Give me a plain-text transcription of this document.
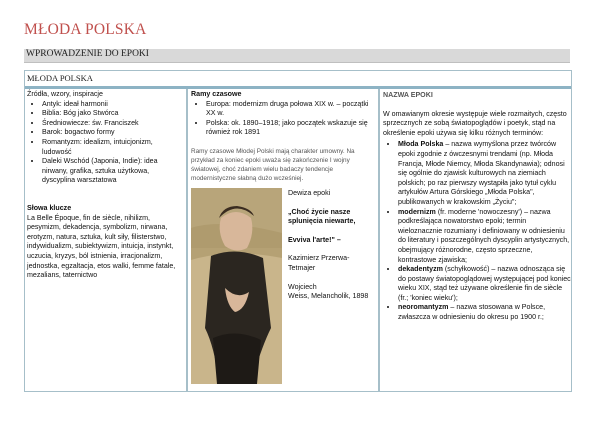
MŁODA POLSKA
WPROWADZENIE DO EPOKI
MŁODA POLSKA

Źródła, wzory, inspiracje

• Antyk: ideał harmonii
• Biblia: Bóg jako Stwórca
• Średniowiecze: św. Franciszek
• Barok: bogactwo formy
• Romantyzm: idealizm, intuicjonizm, ludowość
• Daleki Wschód (Japonia, Indie): idea nirwany, grafika, sztuka użytkowa, dyscyplina warsztatowa

Słowa klucze

La Belle Époque, fin de siècle, nihilizm, pesymizm, dekadencja, symbolizm, nirwana, erotyzm, natura, sztuka, kult siły, filisterstwo, indywidualizm, subiektywizm, intuicja, instynkt, uczucia, kryzys, ból istnienia, irracjonalizm, jednostka, egzaltacja, etos walki, femme fatale, mezalians, taternictwo

Ramy czasowe

• Europa: modernizm druga połowa XIX w. – początki XX w.
• Polska: ok. 1890–1918; jako początek wskazuje się również rok 1891

Ramy czasowe Młodej Polski mają charakter umowny. Na przykład za koniec epoki uważa się zakończenie I wojny światowej, choć zdaniem wielu badaczy tendencje modernistyczne słabną dużo wcześniej.

Dewiza epoki

„Choć życie nasze splunięcia niewarte,

Evviva l'arte!" –

Kazimierz Przerwa-Tetmajer

Wojciech

Weiss, Melancholik, 1898

NAZWA EPOKI

W omawianym okresie występuje wiele rozmaitych, często sprzecznych ze sobą światopoglądów i poetyk, stąd na określenie epoki używa się kilku różnych terminów:

• Młoda Polska – nazwa wymyślona przez twórców epoki zgodnie z ówczesnymi trendami (np. Młoda Francja, Młode Niemcy, Młoda Skandynawia); odnosi się ogólnie do zjawisk kulturowych na ziemiach polskich; po raz pierwszy wystąpiła jako tytuł cyklu artykułów Artura Górskiego „Młoda Polska", publikowanych w krakowskim „Życiu";
• modernizm (fr. moderne 'nowoczesny') – nazwa podkreślająca nowatorstwo epoki; termin wieloznacznie rozumiany i definiowany w odniesieniu do literatury i poszczególnych dyscyplin artystycznych, obejmujący różnorodne, często sprzeczne, kontrastowe zjawiska;
• dekadentyzm (schyłkowość) – nazwa odnosząca się do postawy światopoglądowej występującej pod koniec wieku XIX, stąd też używane określenie fin de siècle (fr.; 'koniec wieku');
• neoromantyzm – nazwa stosowana w Polsce, zwłaszcza w odniesieniu do okresu po 1900 r.;
